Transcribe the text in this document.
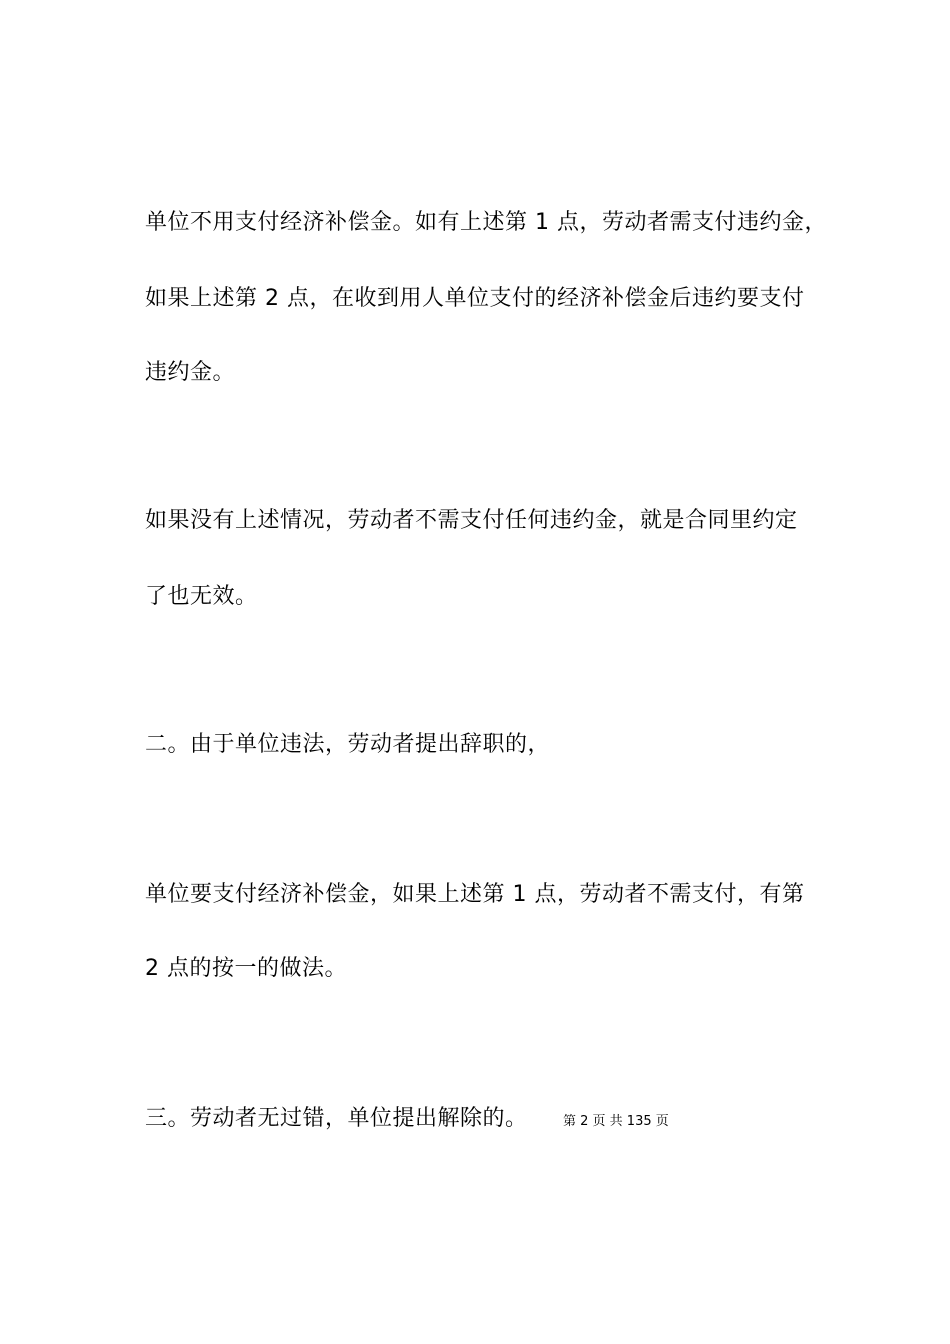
单位不用支付经济补偿金。如有上述第 1 点，劳动者需支付违约金，
如果上述第 2 点，在收到用人单位支付的经济补偿金后违约要支付
违约金。
如果没有上述情况，劳动者不需支付任何违约金，就是合同里约定
了也无效。
二。由于单位违法，劳动者提出辞职的，
单位要支付经济补偿金，如果上述第 1 点，劳动者不需支付，有第
2 点的按一的做法。
三。劳动者无过错，单位提出解除的。	第 2 页 共 135 页
